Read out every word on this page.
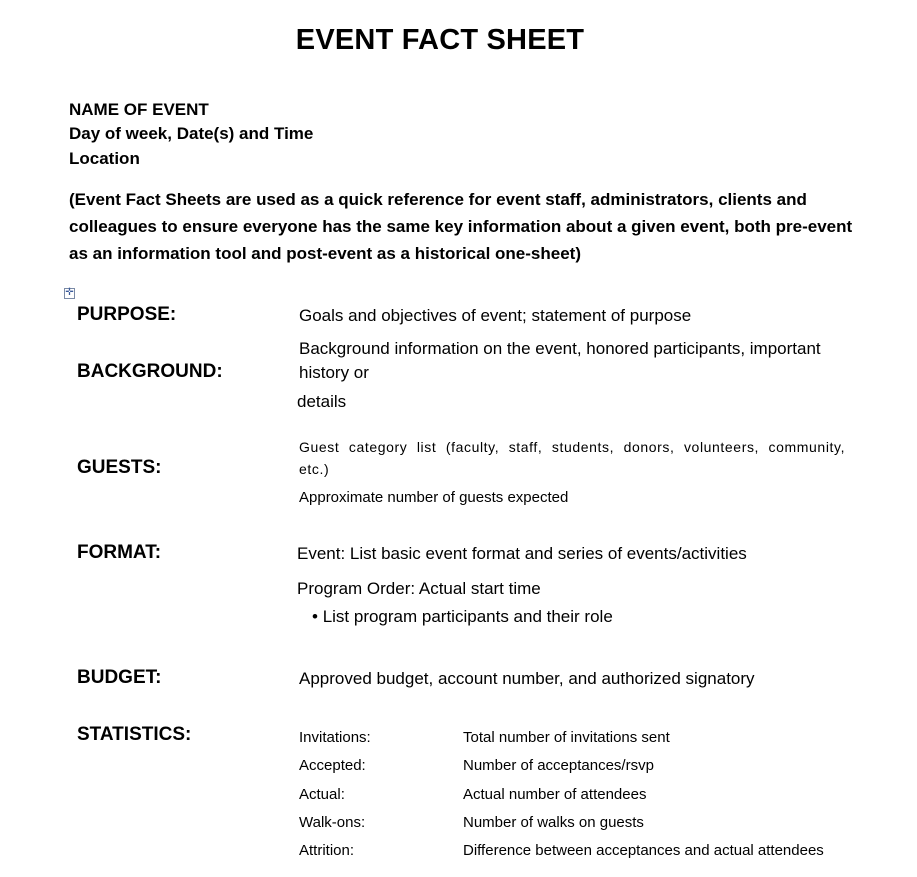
EVENT FACT SHEET
NAME OF EVENT
Day of week, Date(s) and Time
Location
(Event Fact Sheets are used as a quick reference for event staff, administrators, clients and colleagues to ensure everyone has the same key information about a given event, both pre-event as an information tool and post-event as a historical one-sheet)
✛
PURPOSE:	Goals and objectives of event; statement of purpose
BACKGROUND:
Background information on the event, honored participants, important
history or
details
GUESTS:
Guest category list (faculty, staff, students, donors, volunteers, community,
etc.)
Approximate number of guests expected
FORMAT:	Event: List basic event format and series of events/activities
Program Order: Actual start time
• List program participants and their role
BUDGET:	Approved budget, account number, and authorized signatory
STATISTICS:	Invitations:	Total number of invitations sent
Accepted:	Number of acceptances/rsvp
Actual:	Actual number of attendees
Walk-ons:	Number of walks on guests
Attrition:	Difference between acceptances and actual attendees
